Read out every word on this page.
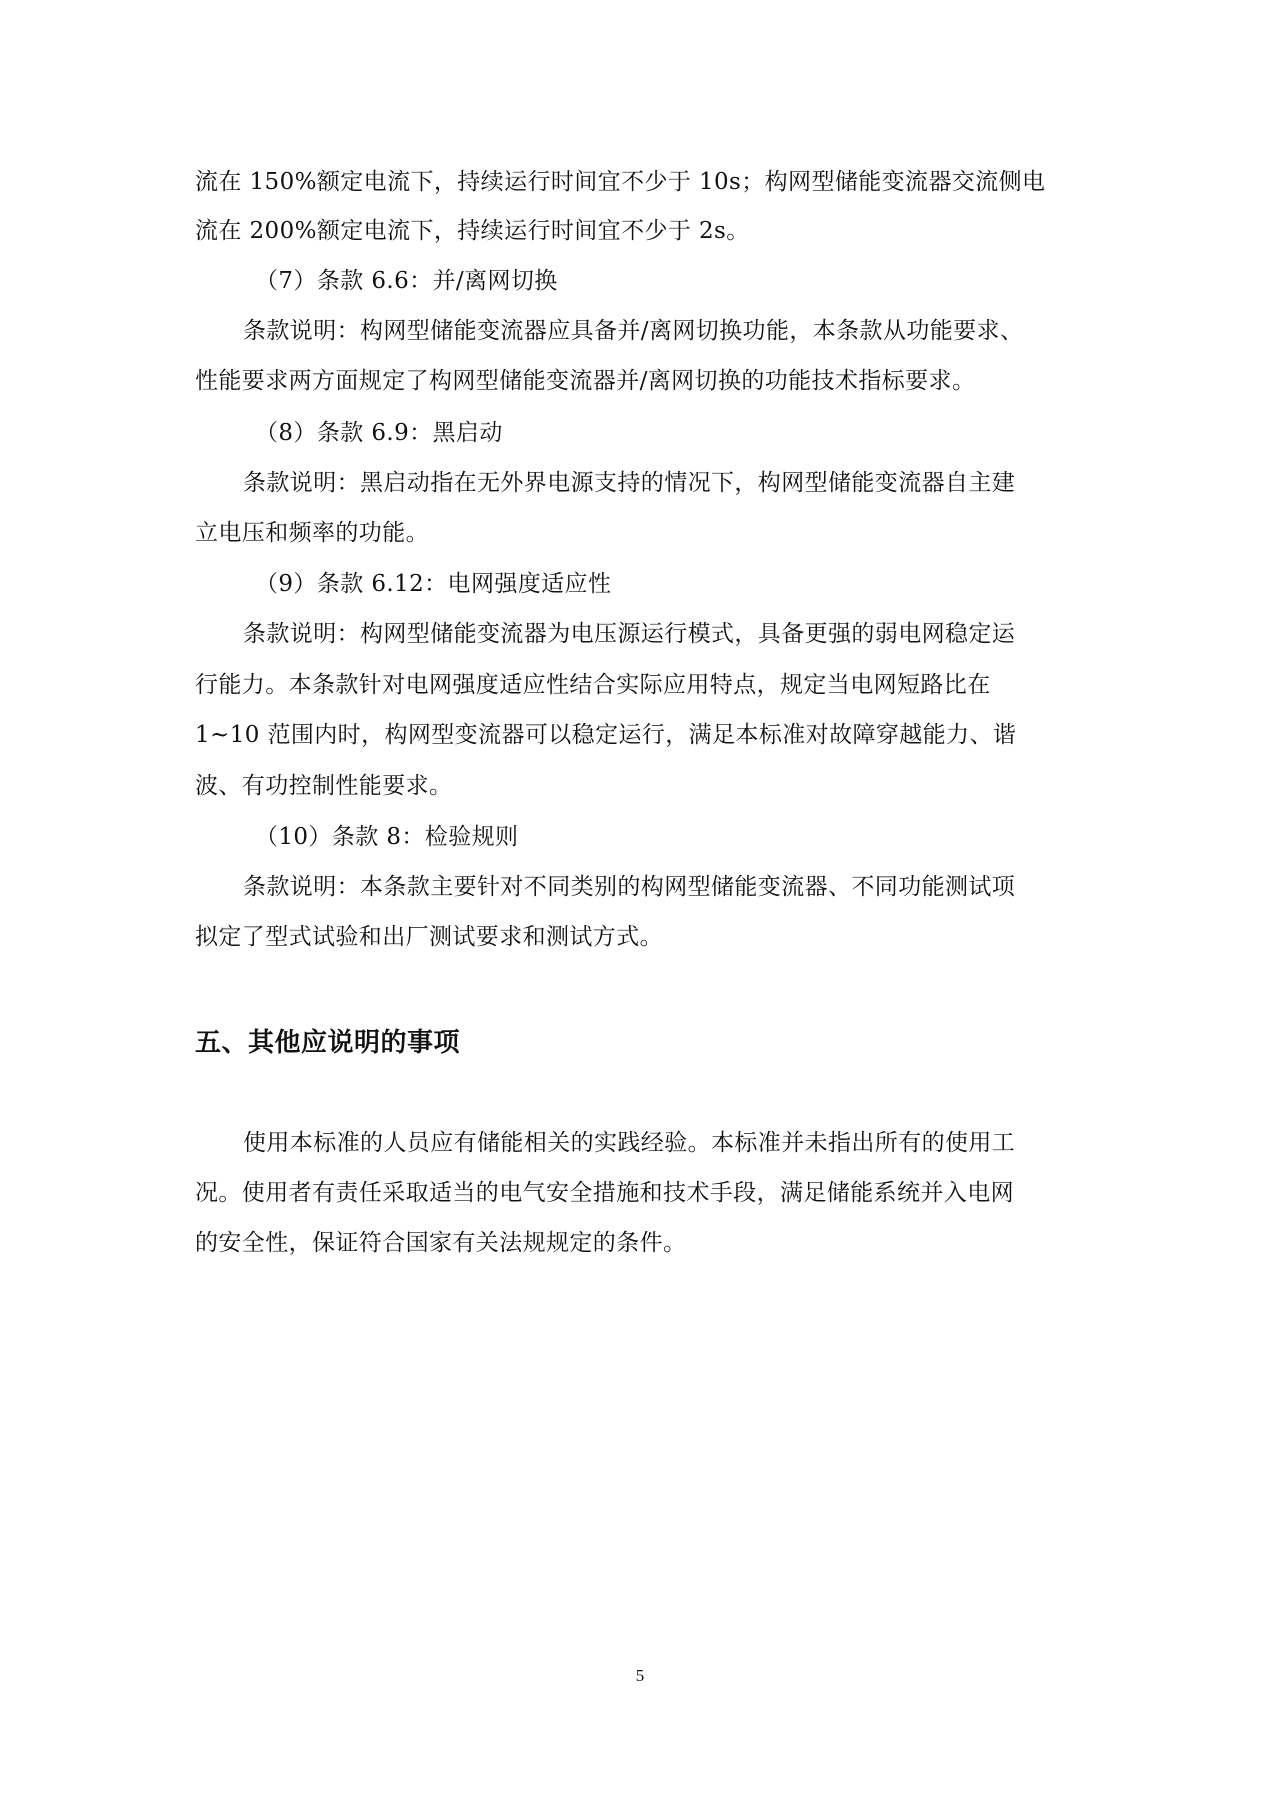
流在 150%额定电流下，持续运行时间宜不少于 10s；构网型储能变流器交流侧电
流在 200%额定电流下，持续运行时间宜不少于 2s。
（7）条款 6.6：并/离网切换
条款说明：构网型储能变流器应具备并/离网切换功能，本条款从功能要求、
性能要求两方面规定了构网型储能变流器并/离网切换的功能技术指标要求。
（8）条款 6.9：黑启动
条款说明：黑启动指在无外界电源支持的情况下，构网型储能变流器自主建
立电压和频率的功能。
（9）条款 6.12：电网强度适应性
条款说明：构网型储能变流器为电压源运行模式，具备更强的弱电网稳定运
行能力。本条款针对电网强度适应性结合实际应用特点，规定当电网短路比在
1~10 范围内时，构网型变流器可以稳定运行，满足本标准对故障穿越能力、谐
波、有功控制性能要求。
（10）条款 8：检验规则
条款说明：本条款主要针对不同类别的构网型储能变流器、不同功能测试项
拟定了型式试验和出厂测试要求和测试方式。
五、其他应说明的事项
使用本标准的人员应有储能相关的实践经验。本标准并未指出所有的使用工
况。使用者有责任采取适当的电气安全措施和技术手段，满足储能系统并入电网
的安全性，保证符合国家有关法规规定的条件。
5
